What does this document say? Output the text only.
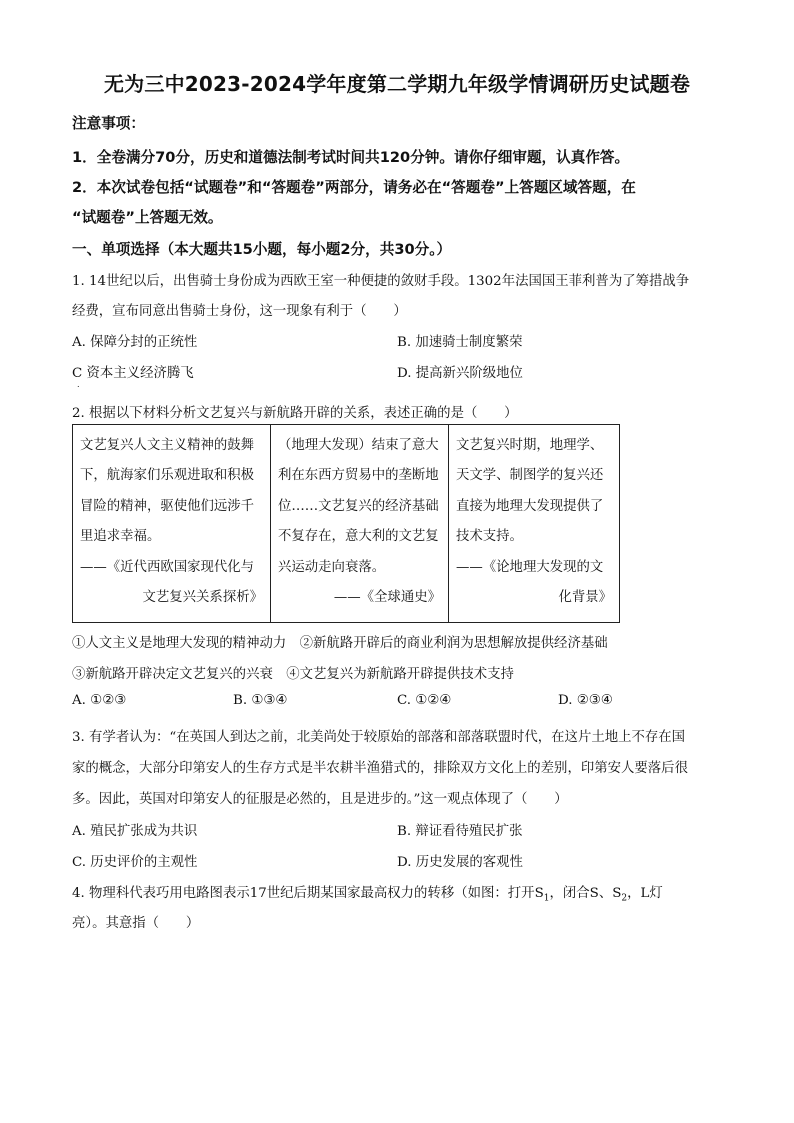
无为三中2023-2024学年度第二学期九年级学情调研历史试题卷
注意事项：
1．全卷满分70分，历史和道德法制考试时间共120分钟。请你仔细审题，认真作答。
2．本次试卷包括“试题卷”和“答题卷”两部分，请务必在“答题卷”上答题区域答题，在
“试题卷”上答题无效。
一、单项选择（本大题共15小题，每小题2分，共30分。）
1. 14世纪以后，出售骑士身份成为西欧王室一种便捷的敛财手段。1302年法国国王菲利普为了筹措战争
经费，宣布同意出售骑士身份，这一现象有利于（　　）
A. 保障分封的正统性	B. 加速骑士制度繁荣
C 资本主义经济腾飞	D. 提高新兴阶级地位
.
2. 根据以下材料分析文艺复兴与新航路开辟的关系，表述正确的是（　　）
文艺复兴人文主义精神的鼓舞下，航海家们乐观进取和积极冒险的精神，驱使他们远涉千里追求幸福。
——《近代西欧国家现代化与
文艺复兴关系探析》

（地理大发现）结束了意大利在东西方贸易中的垄断地位……文艺复兴的经济基础不复存在，意大利的文艺复兴运动走向衰落。
——《全球通史》

文艺复兴时期，地理学、天文学、制图学的复兴还直接为地理大发现提供了技术支持。
——《论地理大发现的文
化背景》
①人文主义是地理大发现的精神动力　②新航路开辟后的商业利润为思想解放提供经济基础
③新航路开辟决定文艺复兴的兴衰　④文艺复兴为新航路开辟提供技术支持
A. ①②③	B. ①③④	C. ①②④	D. ②③④
3. 有学者认为：“在英国人到达之前，北美尚处于较原始的部落和部落联盟时代，在这片土地上不存在国
家的概念，大部分印第安人的生存方式是半农耕半渔猎式的，排除双方文化上的差别，印第安人要落后很
多。因此，英国对印第安人的征服是必然的，且是进步的。”这一观点体现了（　　）
A. 殖民扩张成为共识	B. 辩证看待殖民扩张
C. 历史评价的主观性	D. 历史发展的客观性
4. 物理科代表巧用电路图表示17世纪后期某国家最高权力的转移（如图：打开$S_1$，闭合S、$S_2$，L灯
亮）。其意指（　　）
